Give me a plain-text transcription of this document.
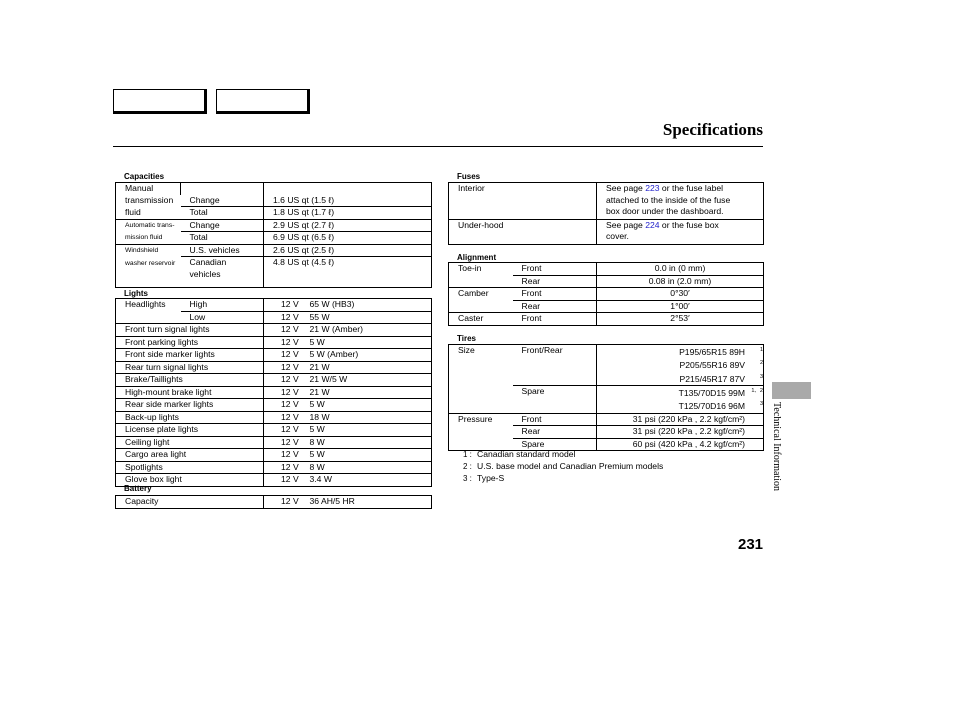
Specifications
Capacities
Manual		
transmission	Change	1.6 US qt (1.5 ℓ)
fluid	Total	1.8 US qt (1.7 ℓ)
Automatic trans-	Change	2.9 US qt (2.7 ℓ)
mission fluid	Total	6.9 US qt (6.5 ℓ)
Windshield	U.S. vehicles	2.6 US qt (2.5 ℓ)
washer reservoir	Canadian	4.8 US qt (4.5 ℓ)
	vehicles	
Lights
Headlights	High	12 V	65 W (HB3)
	Low	12 V	55 W
Front turn signal lights		12 V	21 W (Amber)
Front parking lights		12 V	5 W
Front side marker lights		12 V	5 W (Amber)
Rear turn signal lights		12 V	21 W
Brake/Taillights		12 V	21 W/5 W
High-mount brake light		12 V	21 W
Rear side marker lights		12 V	5 W
Back-up lights		12 V	18 W
License plate lights		12 V	5 W
Ceiling light		12 V	8 W
Cargo area light		12 V	5 W
Spotlights		12 V	8 W
Glove box light		12 V	3.4 W
Battery
Capacity	12 V	36 AH/5 HR
Fuses
Interior	See page 223 or the fuse label
attached to the inside of the fuse
box door under the dashboard.
Under-hood	See page 224 or the fuse box
cover.
Alignment
Toe-in	Front	0.0 in (0 mm)
	Rear	0.08 in (2.0 mm)
Camber	Front	0°30′
	Rear	1°00′
Caster	Front	2°53′
Tires
Size	Front/Rear	P195/65R15 89H 1
		P205/55R16 89V 2
		P215/45R17 87V 3
	Spare	T135/70D15 99M 1、2
		T125/70D16 96M 3
Pressure	Front	31 psi (220 kPa , 2.2 kgf/cm²)
	Rear	31 psi (220 kPa , 2.2 kgf/cm²)
	Spare	60 psi (420 kPa , 4.2 kgf/cm²)
1 : Canadian standard model
2 : U.S. base model and Canadian Premium models
3 : Type-S	Technical Information
231
